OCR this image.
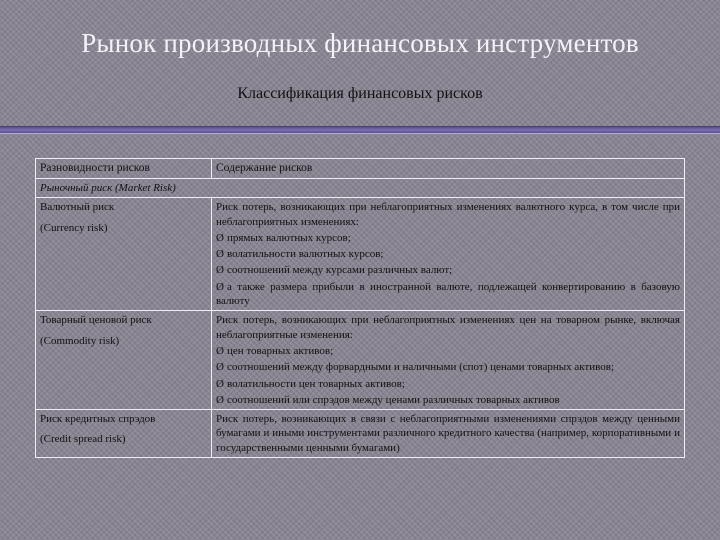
Рынок производных финансовых инструментов
Классификация финансовых рисков
Разновидности рисков	Содержание рисков
Рыночный риск (Market Risk)	

Валютный риск
(Currency risk)	Риск потерь, возникающих при неблагоприятных изменениях валютного курса, в том числе при неблагоприятных изменениях:
Ø прямых валютных курсов;
Ø волатильности валютных курсов;
Ø соотношений между курсами различных валют;
Ø а также размера прибыли в иностранной валюте, подлежащей конвертированию в базовую валюту

Товарный ценовой риск
(Commodity risk)	Риск потерь, возникающих при неблагоприятных изменениях цен на товарном рынке, включая неблагоприятные изменения:
Ø цен товарных активов;
Ø соотношений между форвардными и наличными (спот) ценами товарных активов;
Ø волатильности цен товарных активов;
Ø соотношений или спрэдов между ценами различных товарных активов

Риск кредитных спрэдов
(Credit spread risk)	Риск потерь, возникающих в связи с неблагоприятными изменениями спрэдов между ценными бумагами и иными инструментами различного кредитного качества (например, корпоративными и государственными ценными бумагами)
